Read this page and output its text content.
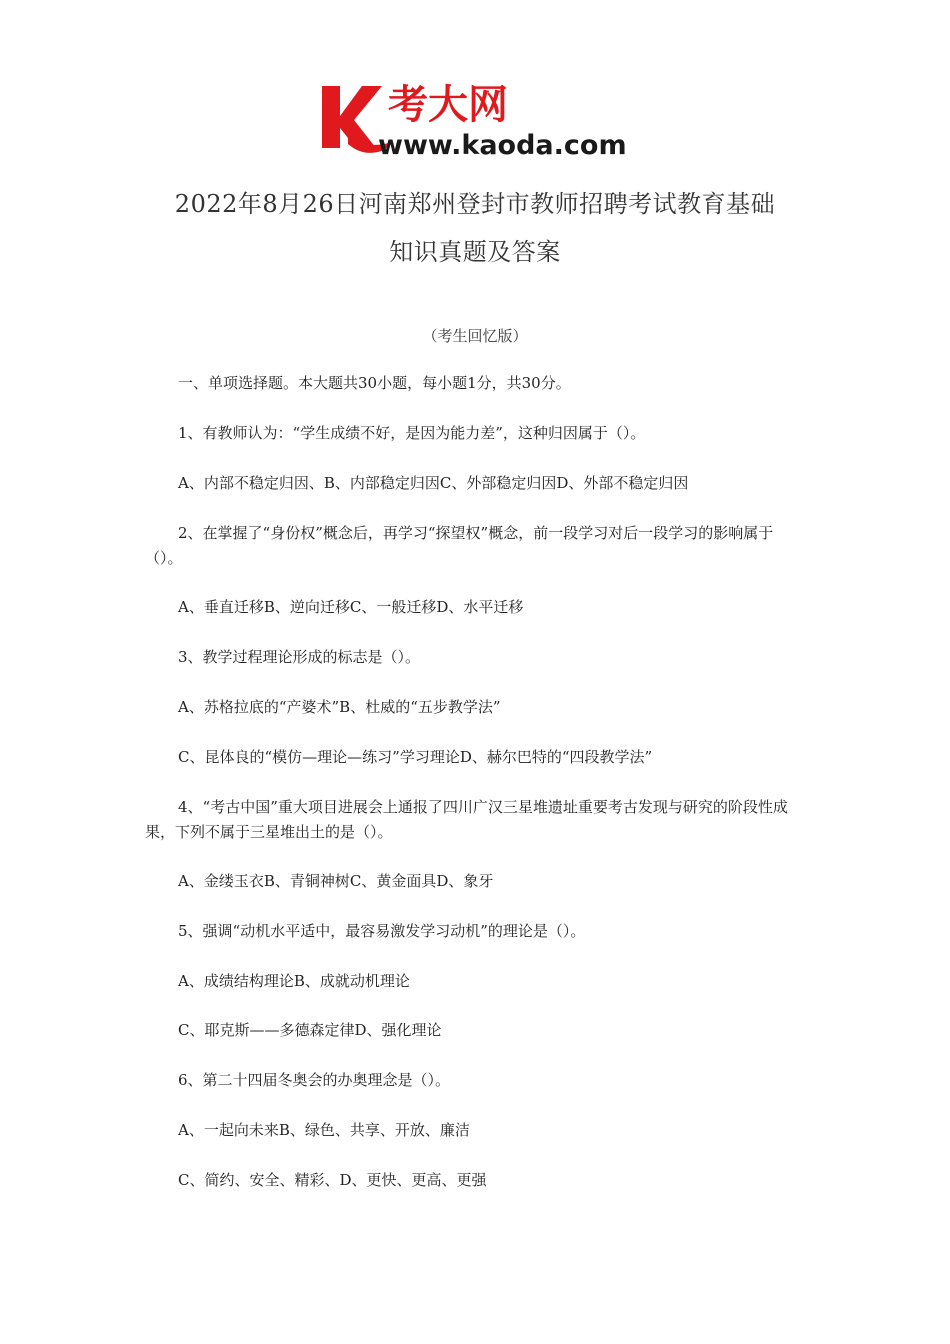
考大网
www.kaoda.com
2022年8月26日河南郑州登封市教师招聘考试教育基础
知识真题及答案
（考生回忆版）

一、单项选择题。本大题共30小题，每小题1分，共30分。

1、有教师认为：“学生成绩不好，是因为能力差”，这种归因属于（）。

A、内部不稳定归因、B、内部稳定归因C、外部稳定归因D、外部不稳定归因

2、在掌握了“身份权”概念后，再学习“探望权”概念，前一段学习对后一段学习的影响属于（）。

A、垂直迁移B、逆向迁移C、一般迁移D、水平迁移

3、教学过程理论形成的标志是（）。

A、苏格拉底的“产婆术”B、杜威的“五步教学法”

C、昆体良的“模仿—理论—练习”学习理论D、赫尔巴特的“四段教学法”

4、“考古中国”重大项目进展会上通报了四川广汉三星堆遗址重要考古发现与研究的阶段性成果，下列不属于三星堆出土的是（）。

A、金缕玉衣B、青铜神树C、黄金面具D、象牙

5、强调“动机水平适中，最容易激发学习动机”的理论是（）。

A、成绩结构理论B、成就动机理论

C、耶克斯——多德森定律D、强化理论

6、第二十四届冬奥会的办奥理念是（）。

A、一起向未来B、绿色、共享、开放、廉洁

C、简约、安全、精彩、D、更快、更高、更强
